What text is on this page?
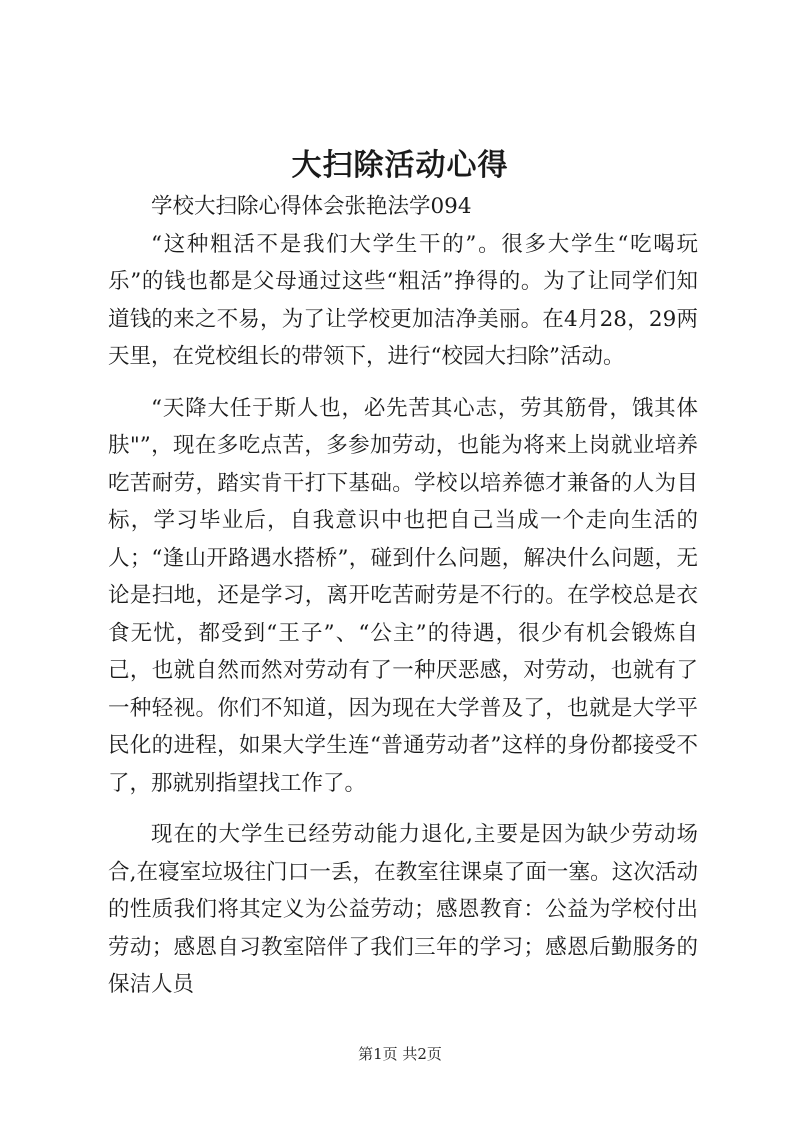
大扫除活动心得

学校大扫除心得体会张艳法学094

“这种粗活不是我们大学生干的”。很多大学生“吃喝玩乐”的钱也都是父母通过这些“粗活”挣得的。为了让同学们知道钱的来之不易，为了让学校更加洁净美丽。在4月28，29两天里，在党校组长的带领下，进行“校园大扫除”活动。

“天降大任于斯人也，必先苦其心志，劳其筋骨，饿其体肤"”，现在多吃点苦，多参加劳动，也能为将来上岗就业培养吃苦耐劳，踏实肯干打下基础。学校以培养德才兼备的人为目标，学习毕业后，自我意识中也把自己当成一个走向生活的人；“逢山开路遇水搭桥”，碰到什么问题，解决什么问题，无论是扫地，还是学习，离开吃苦耐劳是不行的。在学校总是衣食无忧，都受到“王子”、“公主”的待遇，很少有机会锻炼自己，也就自然而然对劳动有了一种厌恶感，对劳动，也就有了一种轻视。你们不知道，因为现在大学普及了，也就是大学平民化的进程，如果大学生连“普通劳动者”这样的身份都接受不了，那就别指望找工作了。

现在的大学生已经劳动能力退化,主要是因为缺少劳动场合,在寝室垃圾往门口一丢，在教室往课桌了面一塞。这次活动的性质我们将其定义为公益劳动；感恩教育：公益为学校付出劳动；感恩自习教室陪伴了我们三年的学习；感恩后勤服务的保洁人员

第1页 共2页
